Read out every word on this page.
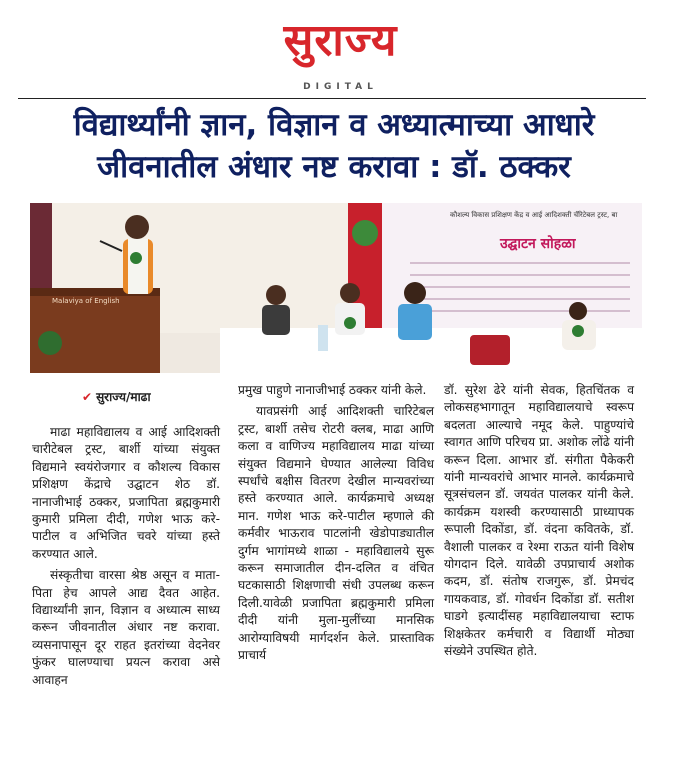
सुराज्य
DIGITAL
विद्यार्थ्यांनी ज्ञान, विज्ञान व अध्यात्माच्या आधारे
जीवनातील अंधार नष्ट करावा : डॉ. ठक्कर
कौशल्य विकास प्रशिक्षण केंद्र व आई आदिशक्ती चॅरिटेबल ट्रस्ट, बा
उद्घाटन सोहळा
Malaviya of English
✔ सुराज्य/माढा

माढा महाविद्यालय व आई आदिशक्ती चारीटेबल ट्रस्ट, बार्शी यांच्या संयुक्त विद्यमाने स्वयंरोजगार व कौशल्य विकास प्रशिक्षण केंद्राचे उद्घाटन शेठ डॉ. नानाजीभाई ठक्कर, प्रजापिता ब्रह्मकुमारी कुमारी प्रमिला दीदी, गणेश भाऊ करे-पाटील व अभिजित चवरे यांच्या हस्ते करण्यात आले.

संस्कृतीचा वारसा श्रेष्ठ असून व माता- पिता हेच आपले आद्य दैवत आहेत. विद्यार्थ्यांनी ज्ञान, विज्ञान व अध्यात्म साध्य करून जीवनातील अंधार नष्ट करावा. व्यसनापासून दूर राहत इतरांच्या वेदनेवर फुंकर घालण्याचा प्रयत्न करावा असे आवाहन

प्रमुख पाहुणे नानाजीभाई ठक्कर यांनी केले.

यावप्रसंगी आई आदिशक्ती चारिटेबल ट्रस्ट, बार्शी तसेच रोटरी क्लब, माढा आणि कला व वाणिज्य महाविद्यालय माढा यांच्या संयुक्त विद्यमाने घेण्यात आलेल्या विविध स्पर्धांचे बक्षीस वितरण देखील मान्यवरांच्या हस्ते करण्यात आले. कार्यक्रमाचे अध्यक्ष मान. गणेश भाऊ करे-पाटील म्हणाले की कर्मवीर भाऊराव पाटलांनी खेडोपाड्यातील दुर्गम भागांमध्ये शाळा - महाविद्यालये सुरू करून समाजातील दीन-दलित व वंचित घटकासाठी शिक्षणाची संधी उपलब्ध करून दिली.यावेळी प्रजापिता ब्रह्मकुमारी प्रमिला दीदी यांनी मुला-मुलींच्या मानसिक आरोग्याविषयी मार्गदर्शन केले. प्रास्ताविक प्राचार्य

डॉ. सुरेश ढेरे यांनी सेवक, हितचिंतक व लोकसहभागातून महाविद्यालयाचे स्वरूप बदलता आल्याचे नमूद केले. पाहुण्यांचे स्वागत आणि परिचय प्रा. अशोक लोंढे यांनी करून दिला. आभार डॉ. संगीता पैकेकरी यांनी मान्यवरांचे आभार मानले. कार्यक्रमाचे सूत्रसंचलन डॉ. जयवंत पालकर यांनी केले. कार्यक्रम यशस्वी करण्यासाठी प्राध्यापक रूपाली दिकोंडा, डॉ. वंदना कवितके, डॉ. वैशाली पालकर व रेश्मा राऊत यांनी विशेष योगदान दिले. यावेळी उपप्राचार्य अशोक कदम, डॉ. संतोष राजगुरू, डॉ. प्रेमचंद गायकवाड, डॉ. गोवर्धन दिकोंडा डॉ. सतीश घाडगे इत्यादींसह महाविद्यालयाचा स्टाफ शिक्षकेतर कर्मचारी व विद्यार्थी मोठ्या संख्येने उपस्थित होते.
